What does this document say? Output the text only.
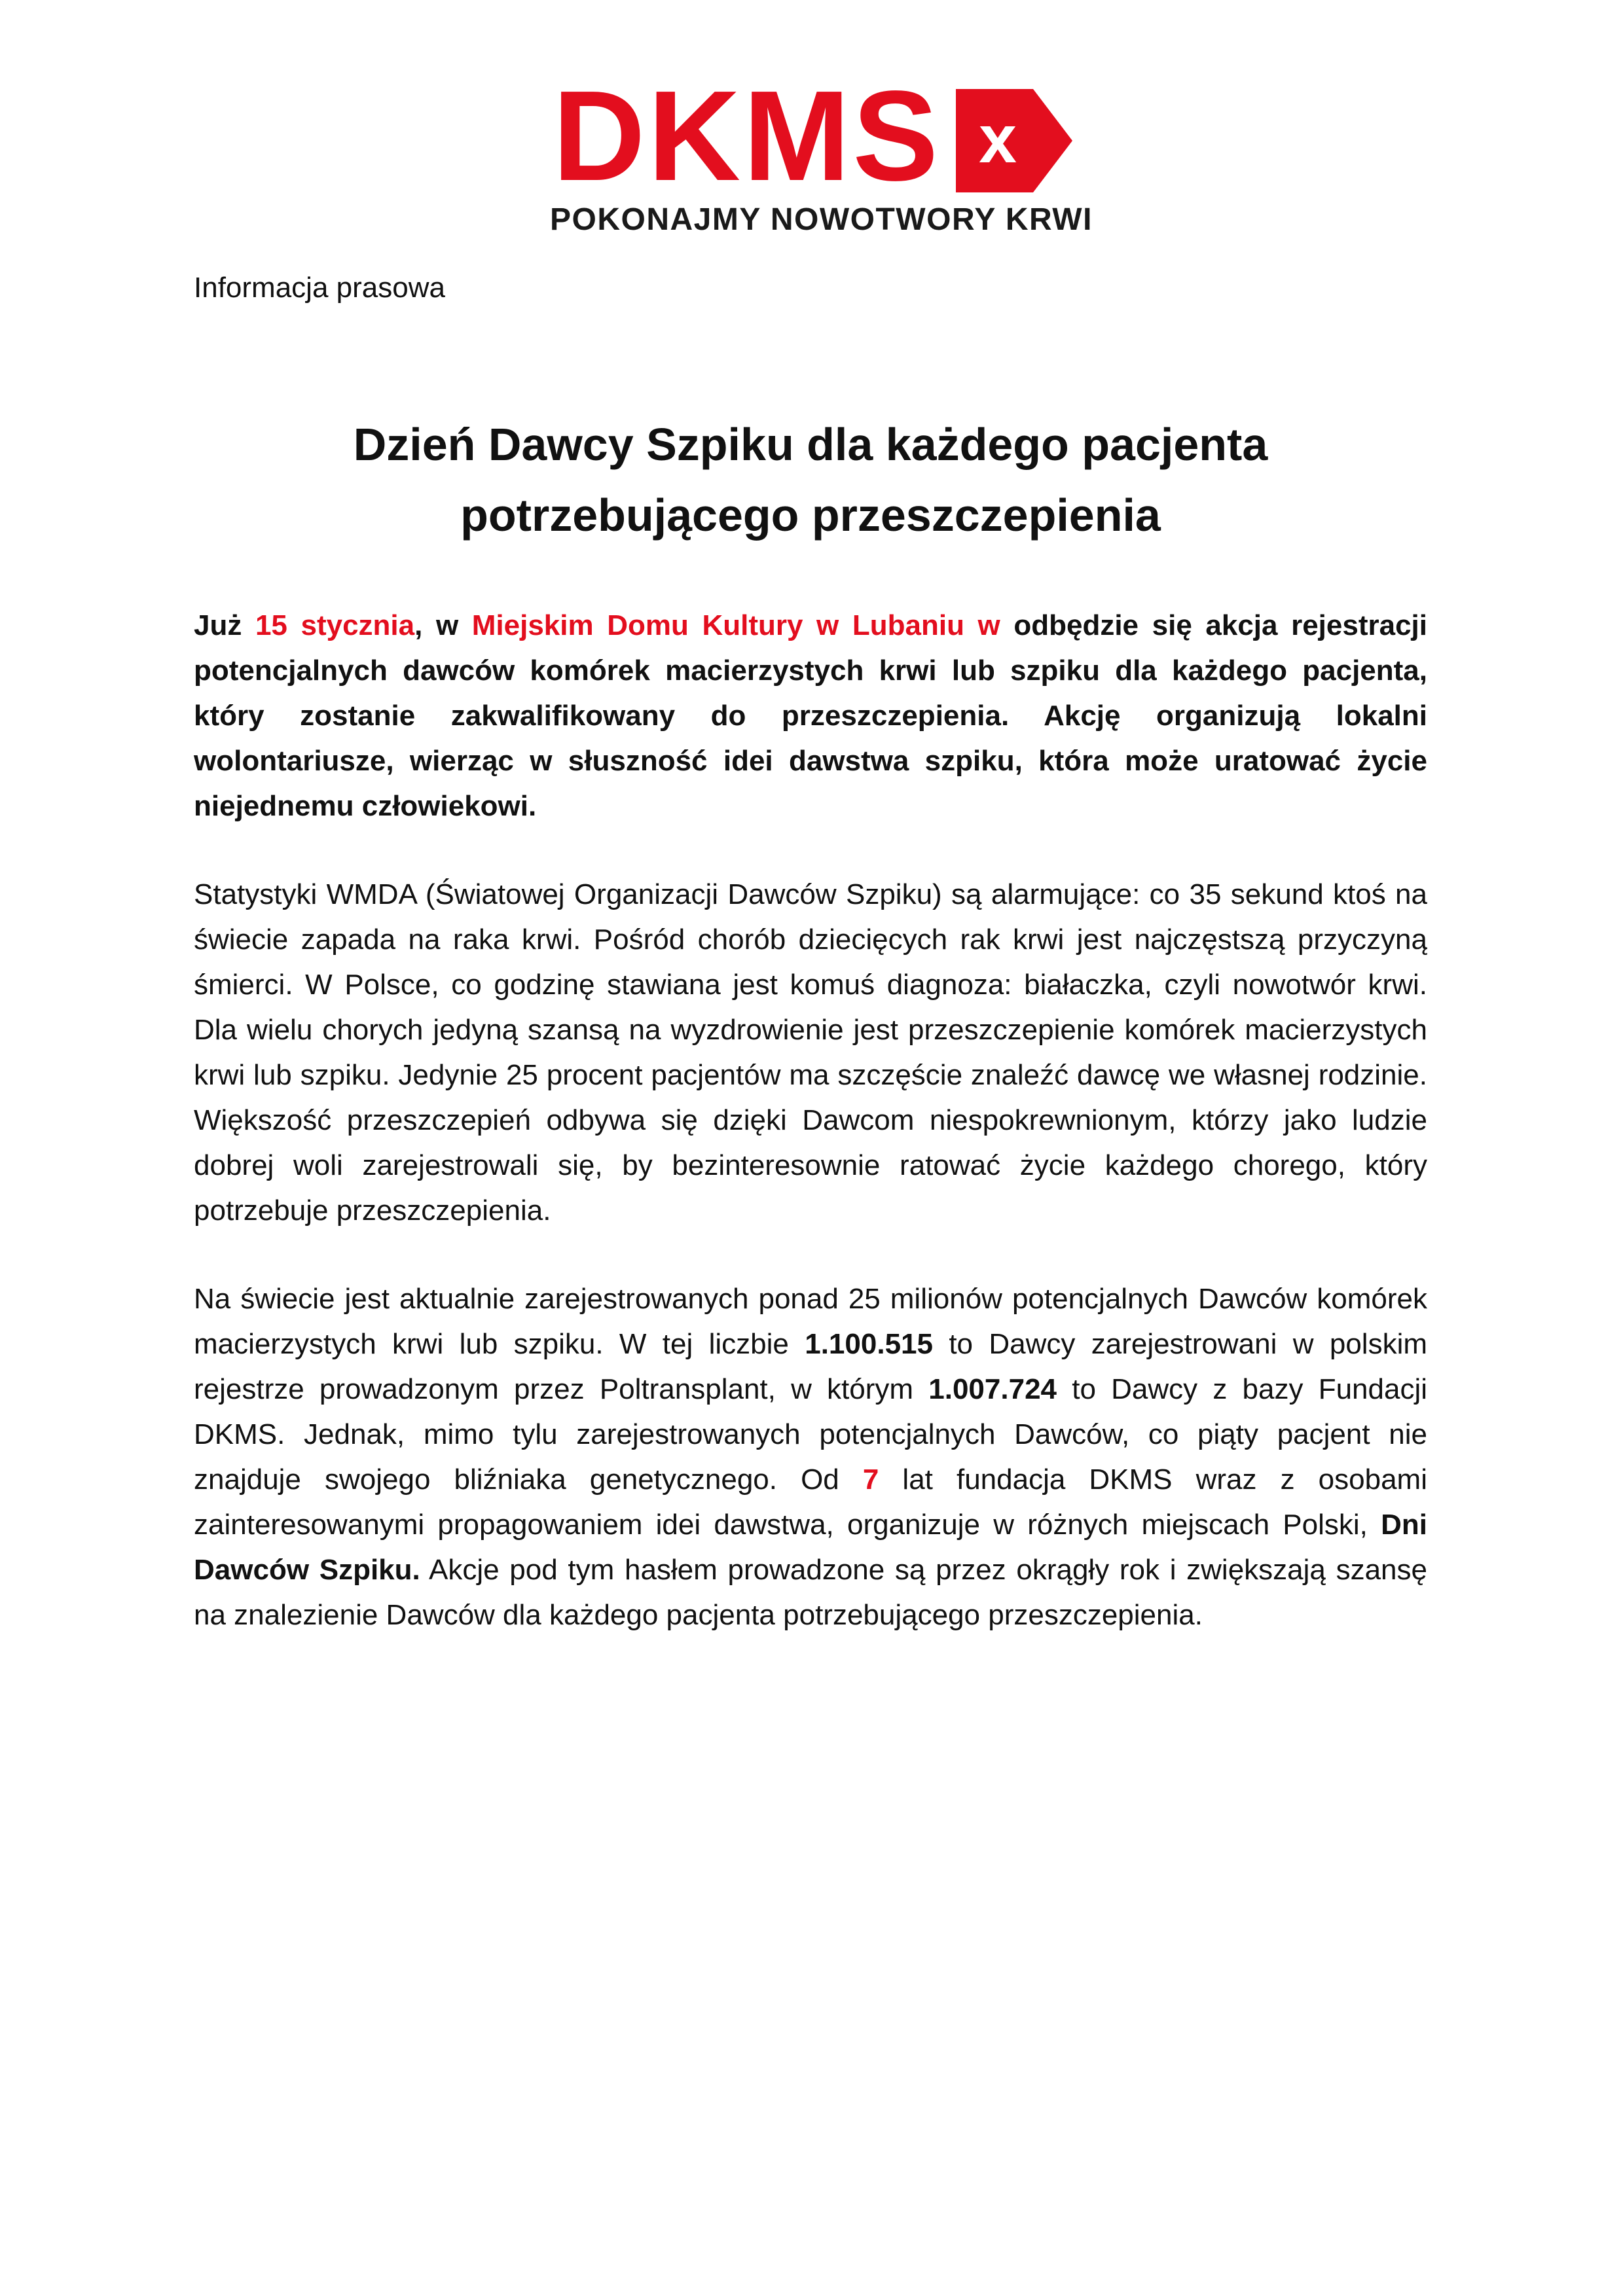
DKMS x
POKONAJMY NOWOTWORY KRWI

Informacja prasowa

Dzień Dawcy Szpiku dla każdego pacjenta
potrzebującego przeszczepienia

Już 15 stycznia, w Miejskim Domu Kultury w Lubaniu w odbędzie się akcja rejestracji potencjalnych dawców komórek macierzystych krwi lub szpiku dla każdego pacjenta, który zostanie zakwalifikowany do przeszczepienia. Akcję organizują lokalni wolontariusze, wierząc w słuszność idei dawstwa szpiku, która może uratować życie niejednemu człowiekowi.

Statystyki WMDA (Światowej Organizacji Dawców Szpiku) są alarmujące: co 35 sekund ktoś na świecie zapada na raka krwi. Pośród chorób dziecięcych rak krwi jest najczęstszą przyczyną śmierci. W Polsce, co godzinę stawiana jest komuś diagnoza: białaczka, czyli nowotwór krwi. Dla wielu chorych jedyną szansą na wyzdrowienie jest przeszczepienie komórek macierzystych krwi lub szpiku. Jedynie 25 procent pacjentów ma szczęście znaleźć dawcę we własnej rodzinie. Większość przeszczepień odbywa się dzięki Dawcom niespokrewnionym, którzy jako ludzie dobrej woli zarejestrowali się, by bezinteresownie ratować życie każdego chorego, który potrzebuje przeszczepienia.

Na świecie jest aktualnie zarejestrowanych ponad 25 milionów potencjalnych Dawców komórek macierzystych krwi lub szpiku. W tej liczbie 1.100.515 to Dawcy zarejestrowani w polskim rejestrze prowadzonym przez Poltransplant, w którym 1.007.724 to Dawcy z bazy Fundacji DKMS. Jednak, mimo tylu zarejestrowanych potencjalnych Dawców, co piąty pacjent nie znajduje swojego bliźniaka genetycznego. Od 7 lat fundacja DKMS wraz z osobami zainteresowanymi propagowaniem idei dawstwa, organizuje w różnych miejscach Polski, Dni Dawców Szpiku. Akcje pod tym hasłem prowadzone są przez okrągły rok i zwiększają szansę na znalezienie Dawców dla każdego pacjenta potrzebującego przeszczepienia.
